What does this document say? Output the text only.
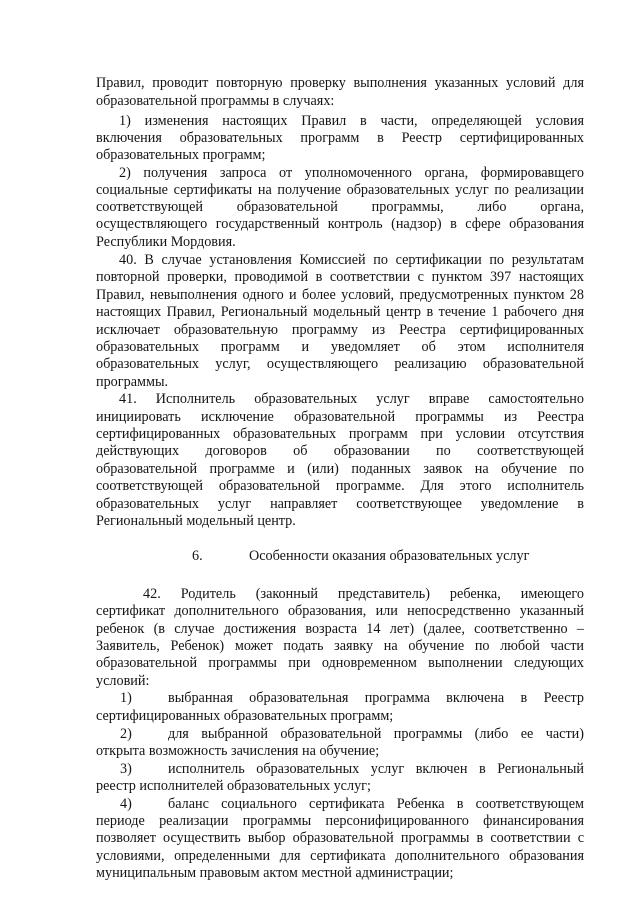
Правил, проводит повторную проверку выполнения указанных условий для
образовательной программы в случаях:
1) изменения настоящих Правил в части, определяющей условия
включения образовательных программ в Реестр сертифицированных
образовательных программ;
2) получения запроса от уполномоченного органа, формировавщего
социальные сертификаты на получение образовательных услуг по реализации
соответствующей образовательной программы, либо органа,
осуществляющего государственный контроль (надзор) в сфере образования
Республики Мордовия.
40. В случае установления Комиссией по сертификации по результатам
повторной проверки, проводимой в соответствии с пунктом 397 настоящих
Правил, невыполнения одного и более условий, предусмотренных пунктом 28
настоящих Правил, Региональный модельный центр в течение 1 рабочего дня
исключает образовательную программу из Реестра сертифицированных
образовательных программ и уведомляет об этом исполнителя
образовательных услуг, осуществляющего реализацию образовательной
программы.
41. Исполнитель образовательных услуг вправе самостоятельно
инициировать исключение образовательной программы из Реестра
сертифицированных образовательных программ при условии отсутствия
действующих договоров об образовании по соответствующей
образовательной программе и (или) поданных заявок на обучение по
соответствующей образовательной программе. Для этого исполнитель
образовательных услуг направляет соответствующее уведомление в
Региональный модельный центр.
6.	Особенности оказания образовательных услуг
42. Родитель (законный представитель) ребенка, имеющего
сертификат дополнительного образования, или непосредственно указанный
ребенок (в случае достижения возраста 14 лет) (далее, соответственно –
Заявитель, Ребенок) может подать заявку на обучение по любой части
образовательной программы при одновременном выполнении следующих
условий:
1)	выбранная образовательная программа включена в Реестр
сертифицированных образовательных программ;
2)	для выбранной образовательной программы (либо ее части)
открыта возможность зачисления на обучение;
3)	исполнитель образовательных услуг включен в Региональный
реестр исполнителей образовательных услуг;
4)	баланс социального сертификата Ребенка в соответствующем
периоде реализации программы персонифицированного финансирования
позволяет осуществить выбор образовательной программы в соответствии с
условиями, определенными для сертификата дополнительного образования
муниципальным правовым актом местной администрации;
